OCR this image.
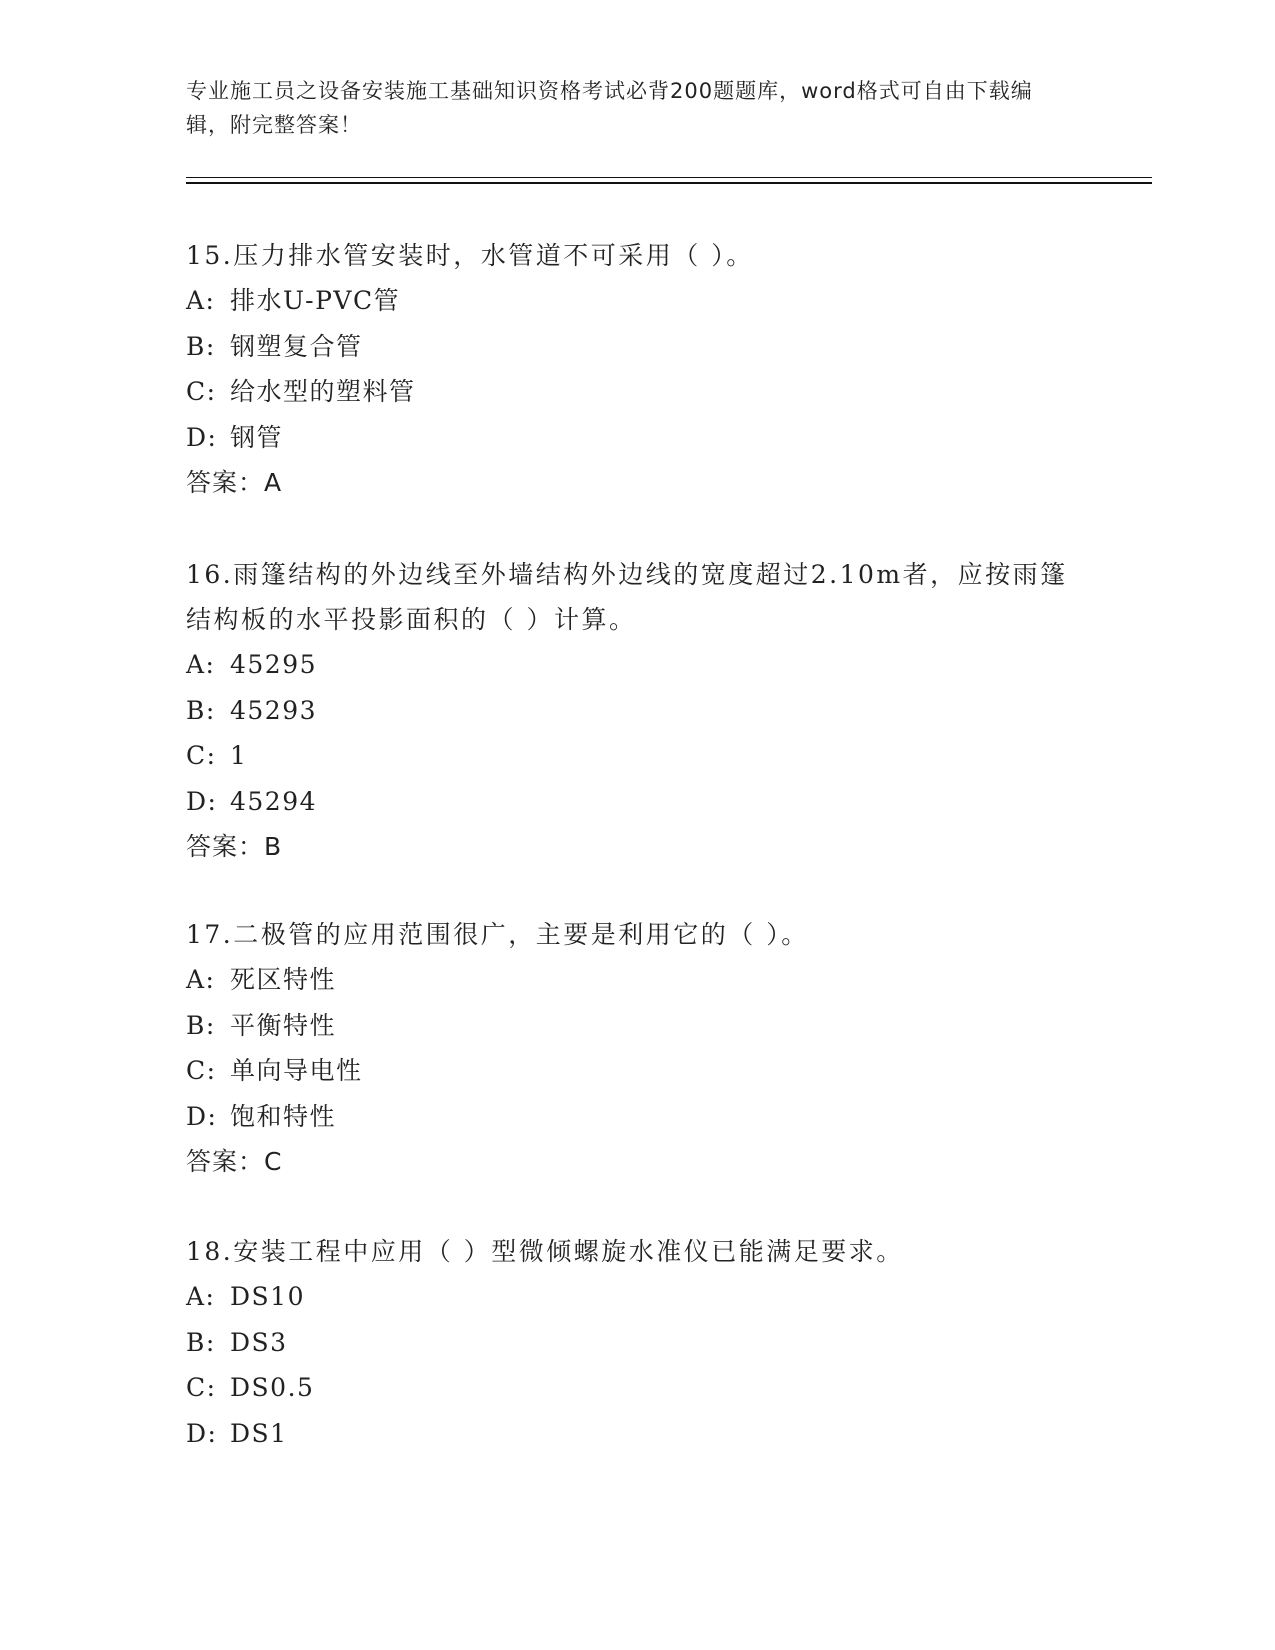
专业施工员之设备安装施工基础知识资格考试必背200题题库，word格式可自由下载编辑，附完整答案！
15.压力排水管安装时，水管道不可采用（ ）。
A: 排水U-PVC管
B: 钢塑复合管
C: 给水型的塑料管
D: 钢管
答案：A
16.雨篷结构的外边线至外墙结构外边线的宽度超过2.10m者，应按雨篷结构板的水平投影面积的（ ）计算。
A: 45295
B: 45293
C: 1
D: 45294
答案：B
17.二极管的应用范围很广，主要是利用它的（ ）。
A: 死区特性
B: 平衡特性
C: 单向导电性
D: 饱和特性
答案：C
18.安装工程中应用（ ）型微倾螺旋水准仪已能满足要求。
A: DS10
B: DS3
C: DS0.5
D: DS1
